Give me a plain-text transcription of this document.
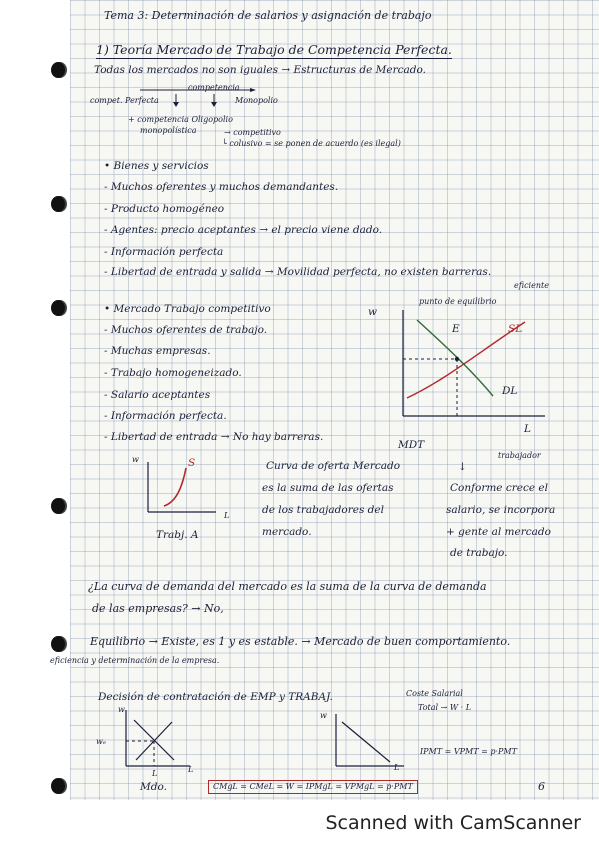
Tema 3: Determinación de salarios y asignación de trabajo
1) Teoría Mercado de Trabajo de Competencia Perfecta.
Todas los mercados no son iguales → Estructuras de Mercado.
competencia
compet. Perfecta	Monopolio
+ competencia Oligopolio
monopolística	→ competitivo
└ colusivo = se ponen de acuerdo (es ilegal)
• Bienes y servicios
- Muchos oferentes y muchos demandantes.
- Producto homogéneo
- Agentes: precio aceptantes → el precio viene dado.
- Información perfecta
- Libertad de entrada y salida → Movilidad perfecta, no existen barreras.
eficiente
• Mercado Trabajo competitivo
- Muchos oferentes de trabajo.
- Muchas empresas.
- Trabajo homogeneizado.
- Salario aceptantes
- Información perfecta.
- Libertad de entrada → No hay barreras.
w
punto de equilibrio
E	SL
DL
L
MDT
w	S
L
Trabj. A
Curva de oferta Mercado
es la suma de las ofertas
de los trabajadores del
mercado.
trabajador
↓
Conforme crece el
salario, se incorpora
+ gente al mercado
de trabajo.
¿La curva de demanda del mercado es la suma de la curva de demanda
de las empresas? → No,
Equilibrio → Existe, es 1 y es estable. → Mercado de buen comportamiento.
eficiencia y determinación de la empresa.
Decisión de contratación de EMP y TRABAJ.	Coste Salarial
Total → W · L
w
wₑ
L
L
Mdo.
w
L
IPMT = VPMT = p·PMT
CMgL = CMeL = W = IPMgL = VPMgL = p·PMT	6
Scanned with CamScanner
